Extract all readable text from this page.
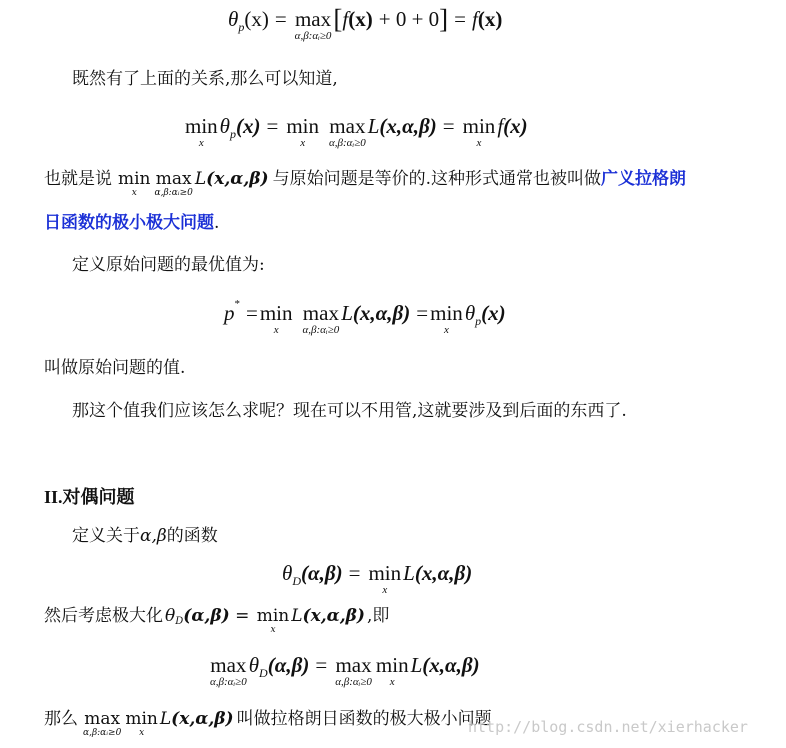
θ p (x) = max
α,β:αᵢ≥0
[ f (x) + 0 + 0 ] = f (x)
既然有了上面的关系,那么可以知道,
min
x
θ p (x) = min
x
max
α,β:αᵢ≥0
L (x,α,β) = min
x
f (x)
也就是说 min
x
max
α,β:αᵢ≥0
L (x,α,β) 与原始问题是等价的.这种形式通常也被叫做 广义拉格朗
日函数的极小极大问题.
定义原始问题的最优值为:
p * = min
x
max
α,β:αᵢ≥0
L (x,α,β) = min
x
θ p (x)
叫做原始问题的值.
那这个值我们应该怎么求呢？现在可以不用管,这就要涉及到后面的东西了.
II.对偶问题
定义关于α,β的函数
θ D (α,β) = min
x
L (x,α,β)
然后考虑极大化 θ D (α,β)
=
min
x
L (x,α,β) ,即
max
α,β:αᵢ≥0
θ D (α,β) = max
α,β:αᵢ≥0
min
x
L (x,α,β)
那么 max
α,β:αᵢ≥0
min
x
L (x,α,β) 叫做拉格朗日函数的极大极小问题
http://blog.csdn.net/xierhacker
